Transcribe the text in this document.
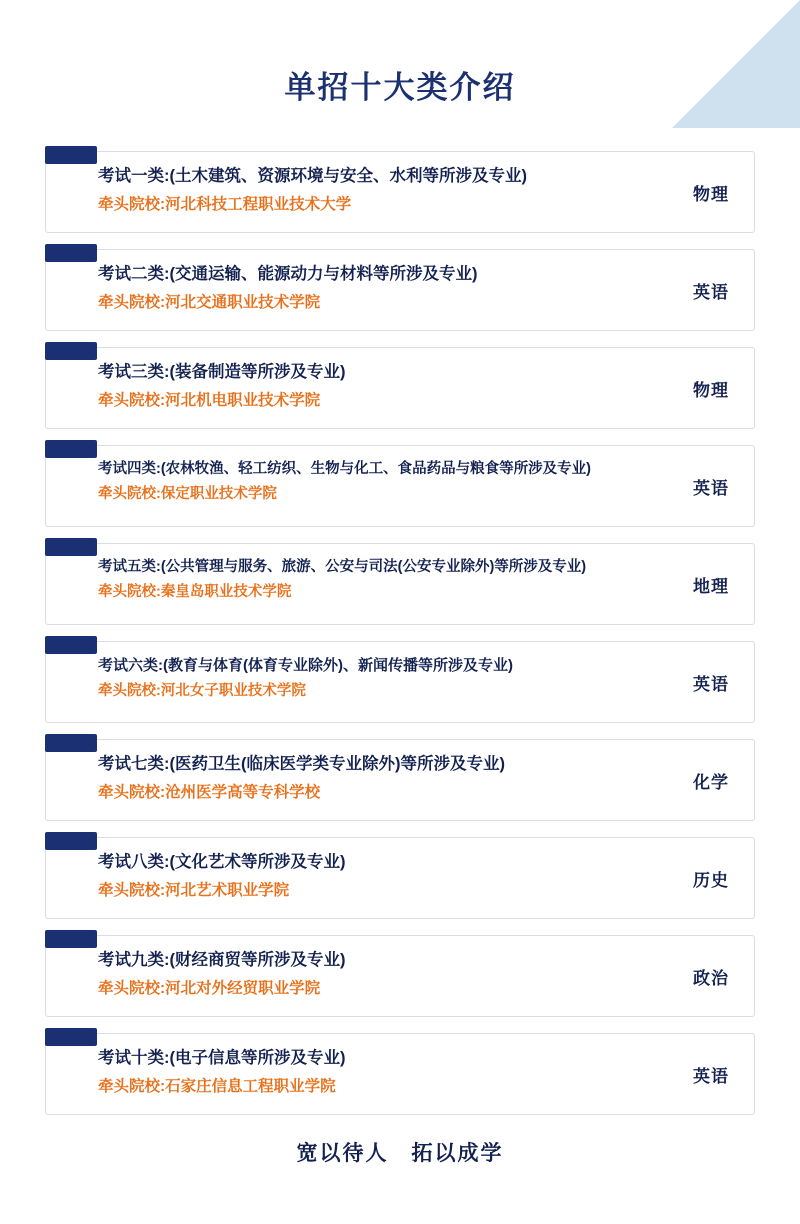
单招十大类介绍
考试一类:(土木建筑、资源环境与安全、水利等所涉及专业)
牵头院校:河北科技工程职业技术大学
物理
考试二类:(交通运输、能源动力与材料等所涉及专业)
牵头院校:河北交通职业技术学院
英语
考试三类:(装备制造等所涉及专业)
牵头院校:河北机电职业技术学院
物理
考试四类:(农林牧渔、轻工纺织、生物与化工、食品药品与粮食等所涉及专业)
牵头院校:保定职业技术学院	英语
考试五类:(公共管理与服务、旅游、公安与司法(公安专业除外)等所涉及专业)
牵头院校:秦皇岛职业技术学院	地理
考试六类:(教育与体育(体育专业除外)、新闻传播等所涉及专业)
牵头院校:河北女子职业技术学院	英语
考试七类:(医药卫生(临床医学类专业除外)等所涉及专业)
牵头院校:沧州医学高等专科学校
化学
考试八类:(文化艺术等所涉及专业)
牵头院校:河北艺术职业学院
历史
考试九类:(财经商贸等所涉及专业)
牵头院校:河北对外经贸职业学院
政治
考试十类:(电子信息等所涉及专业)
牵头院校:石家庄信息工程职业学院
英语
宽以待人　拓以成学
